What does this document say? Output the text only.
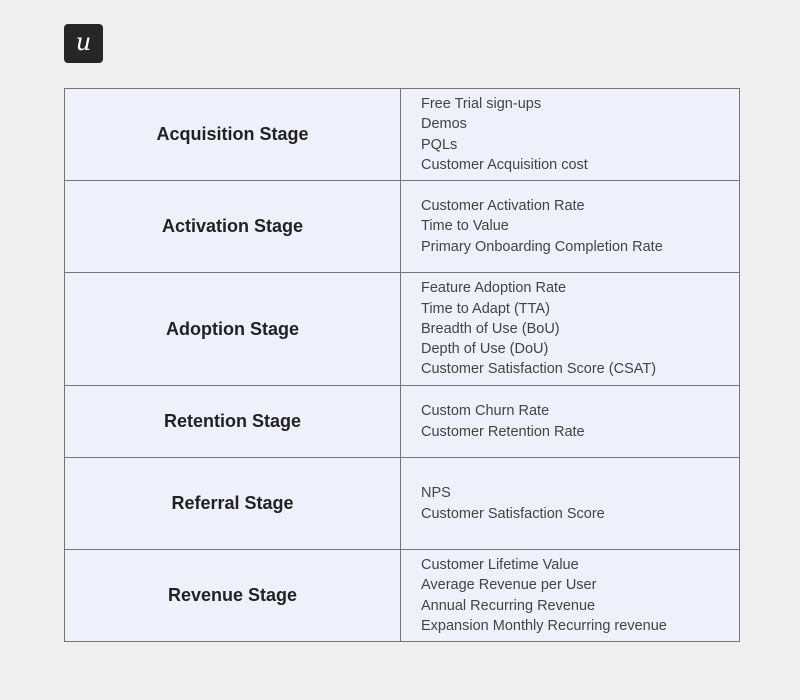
u
Acquisition Stage	Free Trial sign-ups
Demos
PQLs
Customer Acquisition cost

Activation Stage	Customer Activation Rate
Time to Value
Primary Onboarding Completion Rate

Adoption Stage	Feature Adoption Rate
Time to Adapt (TTA)
Breadth of Use (BoU)
Depth of Use (DoU)
Customer Satisfaction Score (CSAT)

Retention Stage	Custom Churn Rate
Customer Retention Rate

Referral Stage	NPS
Customer Satisfaction Score

Revenue Stage	Customer Lifetime Value
Average Revenue per User
Annual Recurring Revenue
Expansion Monthly Recurring revenue
